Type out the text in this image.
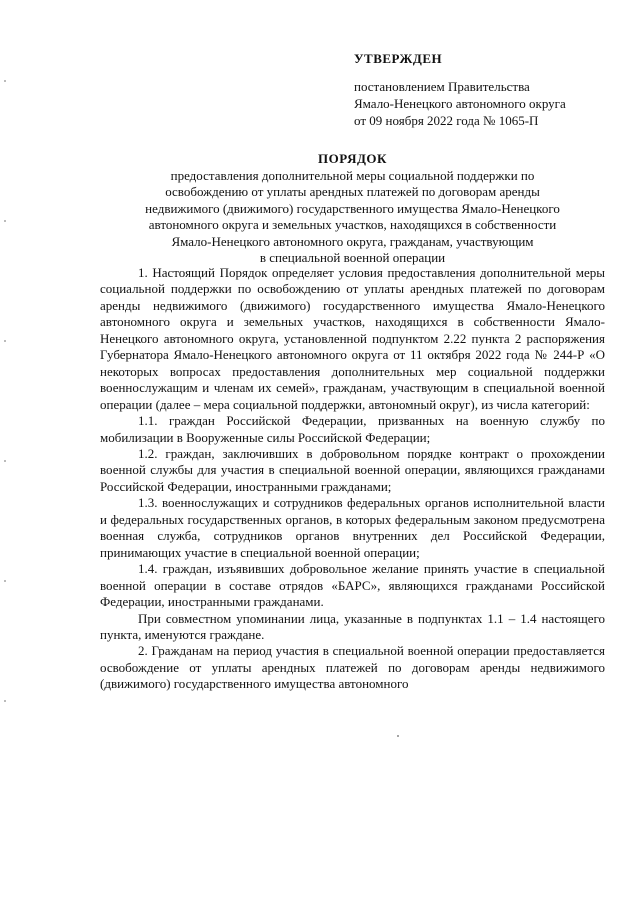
УТВЕРЖДЕН
постановлением Правительства
Ямало-Ненецкого автономного округа
от 09 ноября 2022 года № 1065-П
ПОРЯДОК
предоставления дополнительной меры социальной поддержки по
освобождению от уплаты арендных платежей по договорам аренды
недвижимого (движимого) государственного имущества Ямало-Ненецкого
автономного округа и земельных участков, находящихся в собственности
Ямало-Ненецкого автономного округа, гражданам, участвующим
в специальной военной операции

1. Настоящий Порядок определяет условия предоставления дополнительной меры социальной поддержки по освобождению от уплаты арендных платежей по договорам аренды недвижимого (движимого) государственного имущества Ямало-Ненецкого автономного округа и земельных участков, находящихся в собственности Ямало-Ненецкого автономного округа, установленной подпунктом 2.22 пункта 2 распоряжения Губернатора Ямало-Ненецкого автономного округа от 11 октября 2022 года № 244-Р «О некоторых вопросах предоставления дополнительных мер социальной поддержки военнослужащим и членам их семей», гражданам, участвующим в специальной военной операции (далее – мера социальной поддержки, автономный округ), из числа категорий:

1.1. граждан Российской Федерации, призванных на военную службу по мобилизации в Вооруженные силы Российской Федерации;

1.2. граждан, заключивших в добровольном порядке контракт о прохождении военной службы для участия в специальной военной операции, являющихся гражданами Российской Федерации, иностранными гражданами;

1.3. военнослужащих и сотрудников федеральных органов исполнительной власти и федеральных государственных органов, в которых федеральным законом предусмотрена военная служба, сотрудников органов внутренних дел Российской Федерации, принимающих участие в специальной военной операции;

1.4. граждан, изъявивших добровольное желание принять участие в специальной военной операции в составе отрядов «БАРС», являющихся гражданами Российской Федерации, иностранными гражданами.

При совместном упоминании лица, указанные в подпунктах 1.1 – 1.4 настоящего пункта, именуются граждане.

2. Гражданам на период участия в специальной военной операции предоставляется освобождение от уплаты арендных платежей по договорам аренды недвижимого (движимого) государственного имущества автономного
